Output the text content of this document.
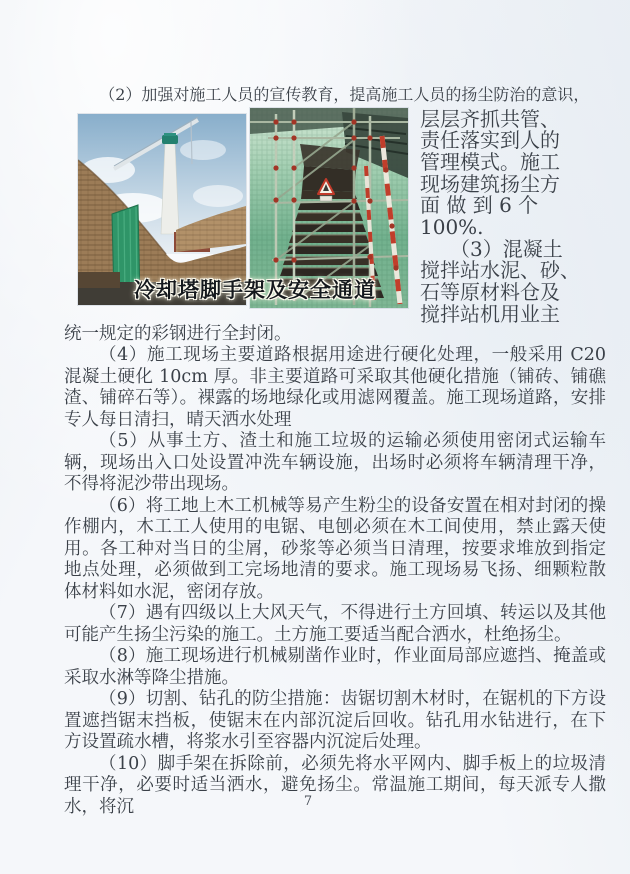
（2）加强对施工人员的宣传教育，提高施工人员的扬尘防治的意识，

冷却塔脚手架及安全通道
层层齐抓共管、
责任落实到人的
管理模式。施工
现场建筑扬尘方
面 做 到 6 个
100%.
（3）混凝土
搅拌站水泥、砂、
石等原材料仓及
搅拌站机用业主

统一规定的彩钢进行全封闭。

（4）施工现场主要道路根据用途进行硬化处理，一般采用 C20 混凝土硬化 10cm 厚。非主要道路可采取其他硬化措施（铺砖、铺礁渣、铺碎石等）。裸露的场地绿化或用滤网覆盖。施工现场道路，安排专人每日清扫，晴天洒水处理

（5）从事土方、渣土和施工垃圾的运输必须使用密闭式运输车辆，现场出入口处设置冲洗车辆设施，出场时必须将车辆清理干净，不得将泥沙带出现场。

（6）将工地上木工机械等易产生粉尘的设备安置在相对封闭的操作棚内，木工工人使用的电锯、电刨必须在木工间使用，禁止露天使用。各工种对当日的尘屑，砂浆等必须当日清理，按要求堆放到指定地点处理，必须做到工完场地清的要求。施工现场易飞扬、细颗粒散体材料如水泥，密闭存放。

（7）遇有四级以上大风天气，不得进行土方回填、转运以及其他可能产生扬尘污染的施工。土方施工要适当配合洒水，杜绝扬尘。

（8）施工现场进行机械剔凿作业时，作业面局部应遮挡、掩盖或采取水淋等降尘措施。

（9）切割、钻孔的防尘措施：齿锯切割木材时，在锯机的下方设置遮挡锯末挡板，使锯末在内部沉淀后回收。钻孔用水钻进行，在下方设置疏水槽，将浆水引至容器内沉淀后处理。

（10）脚手架在拆除前，必须先将水平网内、脚手板上的垃圾清理干净，必要时适当洒水，避免扬尘。常温施工期间，每天派专人撒水，将沉	7
